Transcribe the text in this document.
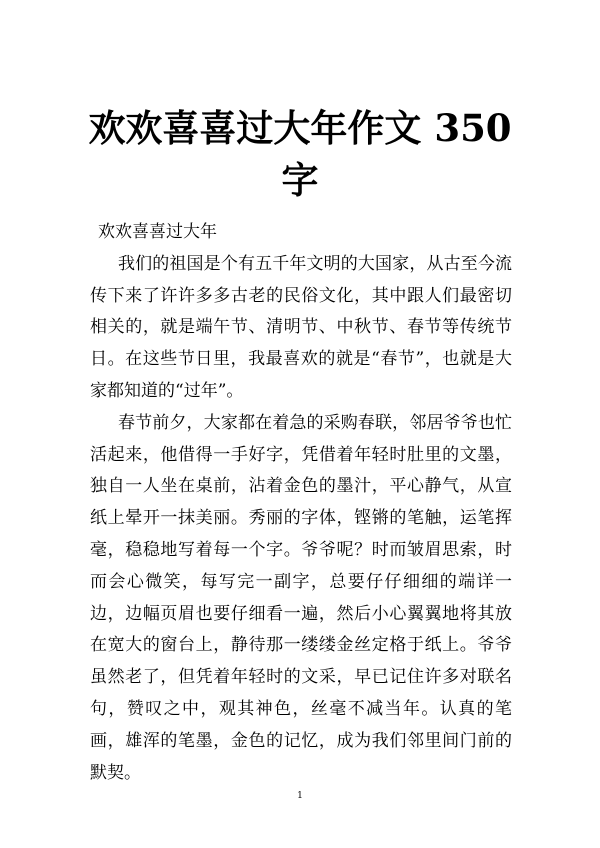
欢欢喜喜过大年作文 350 字

欢欢喜喜过大年

我们的祖国是个有五千年文明的大国家，从古至今流传下来了许许多多古老的民俗文化，其中跟人们最密切相关的，就是端午节、清明节、中秋节、春节等传统节日。在这些节日里，我最喜欢的就是“春节”，也就是大家都知道的“过年”。

春节前夕，大家都在着急的采购春联，邻居爷爷也忙活起来，他借得一手好字，凭借着年轻时肚里的文墨，独自一人坐在桌前，沾着金色的墨汁，平心静气，从宣纸上晕开一抹美丽。秀丽的字体，铿锵的笔触，运笔挥毫，稳稳地写着每一个字。爷爷呢？时而皱眉思索，时而会心微笑，每写完一副字，总要仔仔细细的端详一边，边幅页眉也要仔细看一遍，然后小心翼翼地将其放在宽大的窗台上，静待那一缕缕金丝定格于纸上。爷爷虽然老了，但凭着年轻时的文采，早已记住许多对联名句，赞叹之中，观其神色，丝毫不减当年。认真的笔画，雄浑的笔墨，金色的记忆，成为我们邻里间门前的默契。

1
